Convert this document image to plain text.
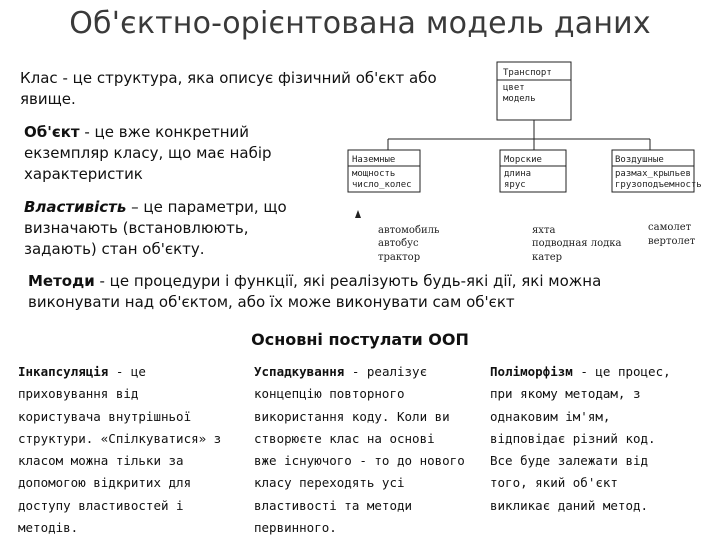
Об'єктно-орієнтована модель даних
Транспорт
цвет
модель
Наземные
мощность
число_колес
Морские
длина
ярус
Воздушные
размах_крыльев
грузоподъемность
автомобиль
автобус
трактор
яхта
подводная лодка
катер
самолет
вертолет
Клас - це структура, яка описує фізичний об'єкт або явище.
Об'єкт - це вже конкретний
екземпляр класу, що має набір
характеристик
Властивість – це параметри, що
визначають (встановлюють,
задають) стан об'єкту.
Методи - це процедури і функції, які реалізують будь-які дії, які можна
виконувати над об'єктом, або їх може виконувати сам об'єкт
Основні постулати ООП
Інкапсуляція - це
приховування від
користувача внутрішньої
структури. «Спілкуватися» з
класом можна тільки за
допомогою відкритих для
доступу властивостей і
методів.
Успадкування - реалізує
концепцію повторного
використання коду. Коли ви
створюєте клас на основі
вже існуючого - то до нового
класу переходять усі
властивості та методи
первинного.
Поліморфізм - це процес,
при якому методам, з
однаковим ім'ям,
відповідає різний код.
Все буде залежати від
того, який об'єкт
викликає даний метод.
